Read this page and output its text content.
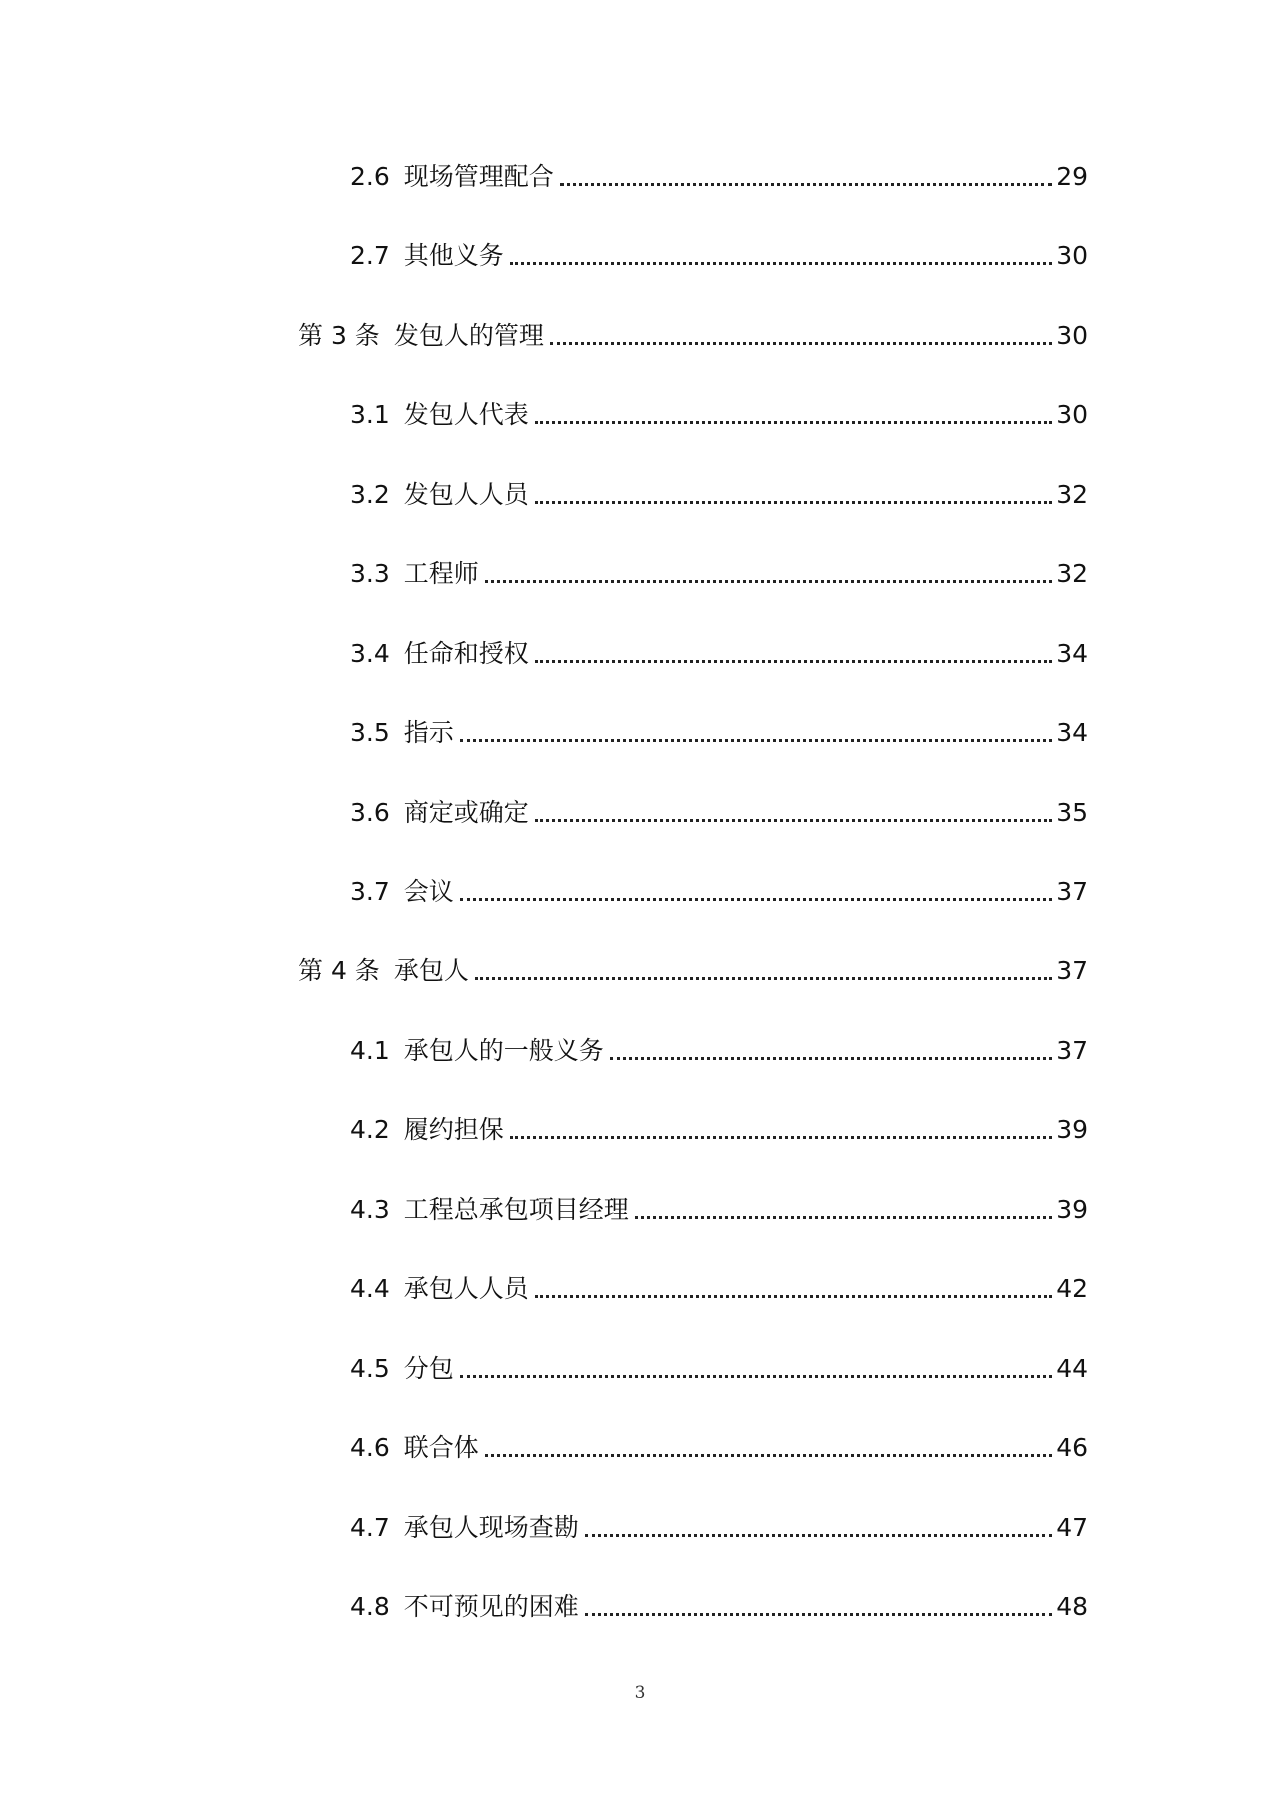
2.6 现场管理配合	29
2.7 其他义务	30
第 3 条 发包人的管理	30
3.1 发包人代表	30
3.2 发包人人员	32
3.3 工程师	32
3.4 任命和授权	34
3.5 指示	34
3.6 商定或确定	35
3.7 会议	37
第 4 条 承包人	37
4.1 承包人的一般义务	37
4.2 履约担保	39
4.3 工程总承包项目经理	39
4.4 承包人人员	42
4.5 分包	44
4.6 联合体	46
4.7 承包人现场查勘	47
4.8 不可预见的困难	48
3
